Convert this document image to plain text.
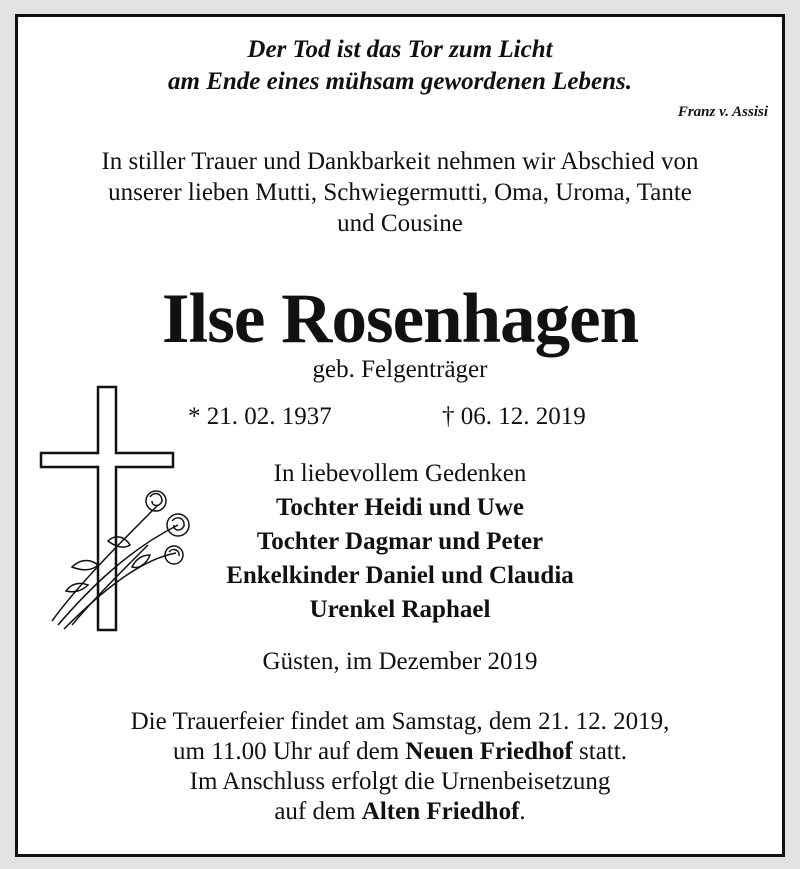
Der Tod ist das Tor zum Licht
am Ende eines mühsam gewordenen Lebens.
Franz v. Assisi
In stiller Trauer und Dankbarkeit nehmen wir Abschied von
unserer lieben Mutti, Schwiegermutti, Oma, Uroma, Tante
und Cousine
Ilse Rosenhagen
geb. Felgenträger
* 21. 02. 1937	† 06. 12. 2019
In liebevollem Gedenken
Tochter Heidi und Uwe
Tochter Dagmar und Peter
Enkelkinder Daniel und Claudia
Urenkel Raphael
Güsten, im Dezember 2019
Die Trauerfeier findet am Samstag, dem 21. 12. 2019,
um 11.00 Uhr auf dem Neuen Friedhof statt.
Im Anschluss erfolgt die Urnenbeisetzung
auf dem Alten Friedhof.
